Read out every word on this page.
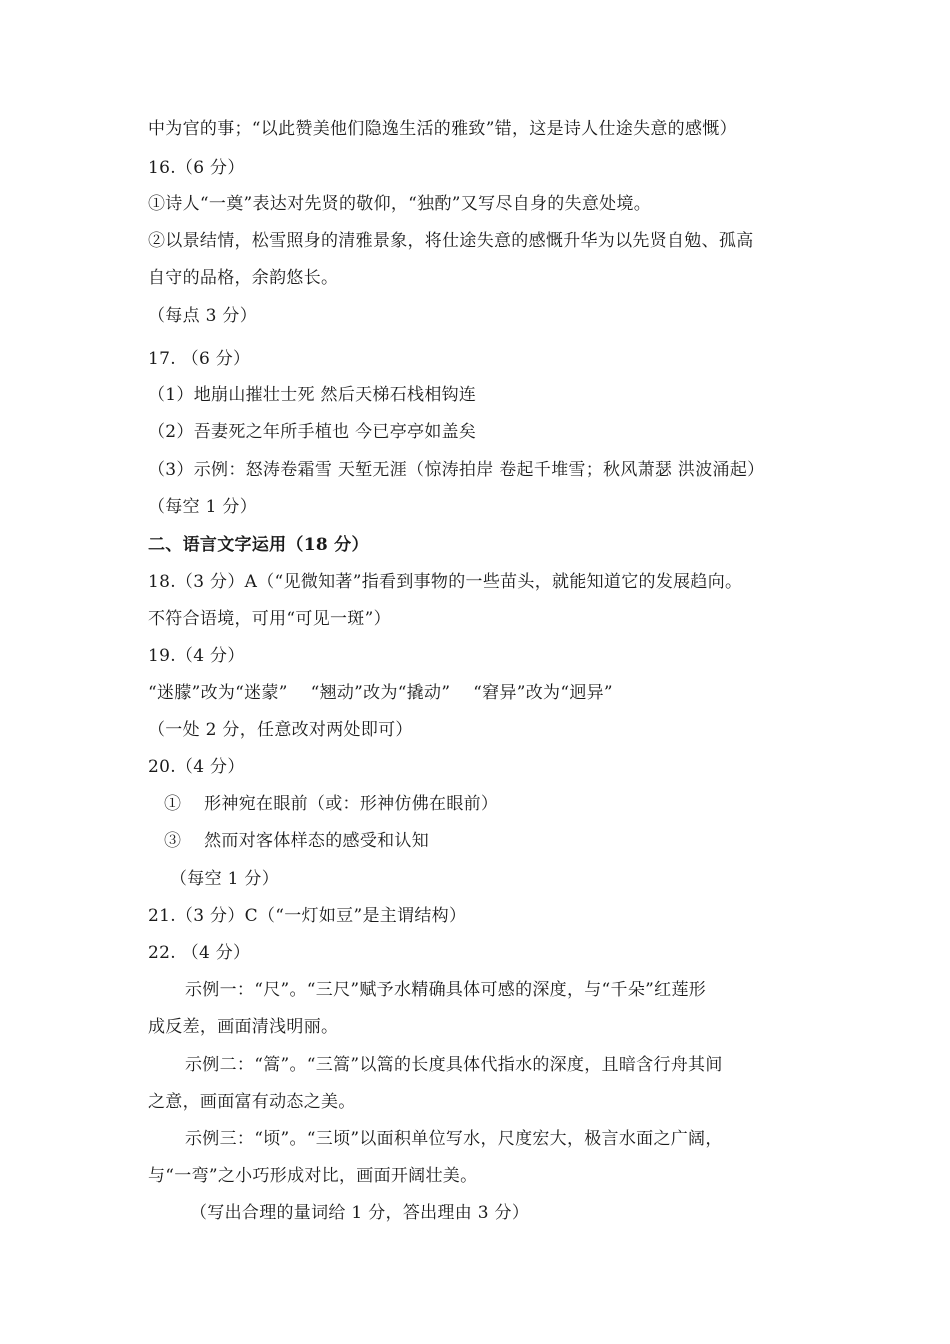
中为官的事；“以此赞美他们隐逸生活的雅致”错，这是诗人仕途失意的感慨）
16.（6 分）
①诗人“一奠”表达对先贤的敬仰，“独酌”又写尽自身的失意处境。
②以景结情，松雪照身的清雅景象，将仕途失意的感慨升华为以先贤自勉、孤高
自守的品格，余韵悠长。
（每点 3 分）
17. （6 分）
（1）地崩山摧壮士死 然后天梯石栈相钩连
（2）吾妻死之年所手植也 今已亭亭如盖矣
（3）示例：怒涛卷霜雪 天堑无涯（惊涛拍岸 卷起千堆雪；秋风萧瑟 洪波涌起）
（每空 1 分）
二、语言文字运用（18 分）
18.（3 分）A（“见微知著”指看到事物的一些苗头，就能知道它的发展趋向。
不符合语境，可用“可见一斑”）
19.（4 分）
“迷朦”改为“迷蒙”    “翘动”改为“撬动”    “窘异”改为“迥异”
（一处 2 分，任意改对两处即可）
20.（4 分）
①    形神宛在眼前（或：形神仿佛在眼前）
③    然而对客体样态的感受和认知
（每空 1 分）
21.（3 分）C（“一灯如豆”是主谓结构）
22. （4 分）
示例一：“尺”。“三尺”赋予水精确具体可感的深度，与“千朵”红莲形
成反差，画面清浅明丽。
示例二：“篙”。“三篙”以篙的长度具体代指水的深度，且暗含行舟其间
之意，画面富有动态之美。
示例三：“顷”。“三顷”以面积单位写水，尺度宏大，极言水面之广阔，
与“一弯”之小巧形成对比，画面开阔壮美。
（写出合理的量词给 1 分，答出理由 3 分）
